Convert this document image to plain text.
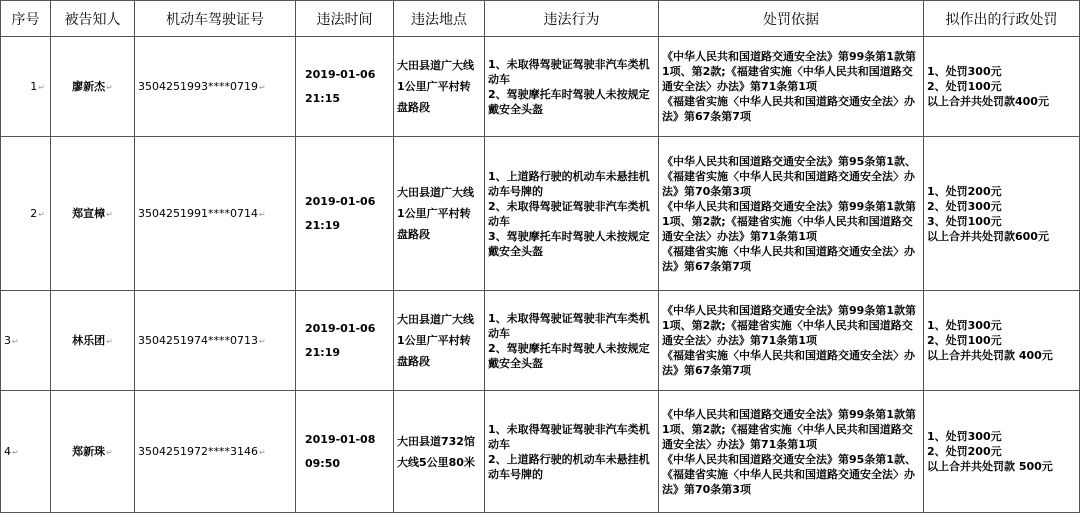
序号	被告知人	机动车驾驶证号	违法时间	违法地点	违法行为	处罚依据	拟作出的行政处罚
1↵	廖新杰↵	3504251993****0719↵	2019-01-06
21:15	大田县道广大线1公里广平村转盘路段	1、未取得驾驶证驾驶非汽车类机动车
2、驾驶摩托车时驾驶人未按规定戴安全头盔	《中华人民共和国道路交通安全法》第99条第1款第1项、第2款;《福建省实施〈中华人民共和国道路交通安全法〉办法》第71条第1项
《福建省实施〈中华人民共和国道路交通安全法〉办法》第67条第7项	1、处罚300元
2、处罚100元
以上合并共处罚款400元

2↵	郑宣樟↵	3504251991****0714↵	2019-01-06
21:19	大田县道广大线1公里广平村转盘路段	1、上道路行驶的机动车未悬挂机动车号牌的
2、未取得驾驶证驾驶非汽车类机动车
3、驾驶摩托车时驾驶人未按规定戴安全头盔	《中华人民共和国道路交通安全法》第95条第1款、《福建省实施〈中华人民共和国道路交通安全法〉办法》第70条第3项
《中华人民共和国道路交通安全法》第99条第1款第1项、第2款;《福建省实施〈中华人民共和国道路交通安全法〉办法》第71条第1项
《福建省实施〈中华人民共和国道路交通安全法〉办法》第67条第7项	1、处罚200元
2、处罚300元
3、处罚100元
以上合并共处罚款600元

3↵	林乐团↵	3504251974****0713↵	2019-01-06
21:19	大田县道广大线1公里广平村转盘路段	1、未取得驾驶证驾驶非汽车类机动车
2、驾驶摩托车时驾驶人未按规定戴安全头盔	《中华人民共和国道路交通安全法》第99条第1款第1项、第2款;《福建省实施〈中华人民共和国道路交通安全法〉办法》第71条第1项
《福建省实施〈中华人民共和国道路交通安全法〉办法》第67条第7项	1、处罚300元
2、处罚100元
以上合并共处罚款 400元

4↵	郑新珠↵	3504251972****3146↵	2019-01-08
09:50	大田县道732馆大线5公里80米	1、未取得驾驶证驾驶非汽车类机动车
2、上道路行驶的机动车未悬挂机动车号牌的	《中华人民共和国道路交通安全法》第99条第1款第1项、第2款;《福建省实施〈中华人民共和国道路交通安全法〉办法》第71条第1项
《中华人民共和国道路交通安全法》第95条第1款、《福建省实施〈中华人民共和国道路交通安全法〉办法》第70条第3项	1、处罚300元
2、处罚200元
以上合并共处罚款 500元
